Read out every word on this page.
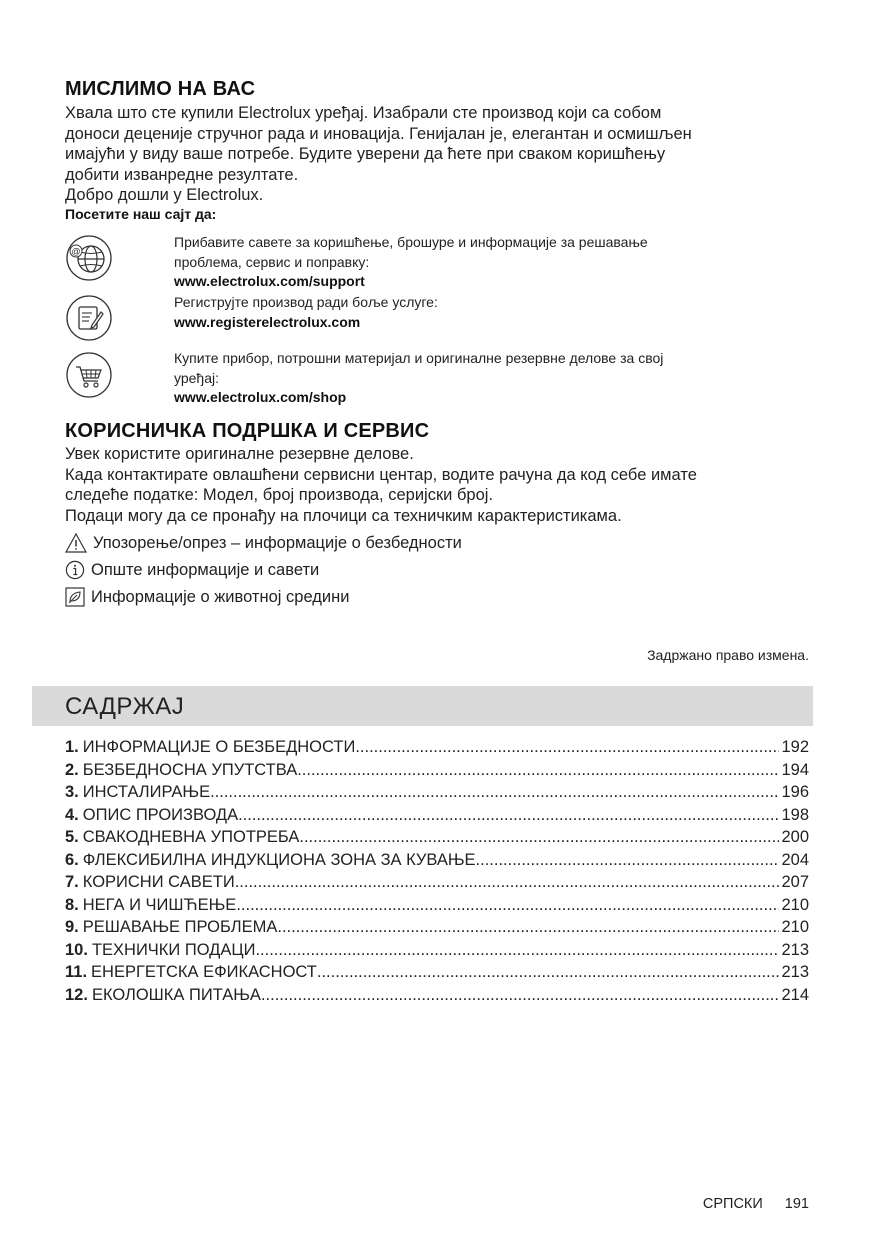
МИСЛИМО НА ВАС
Хвала што сте купили Electrolux уређај. Изабрали сте производ који са собом
доноси деценије стручног рада и иновација. Генијалан је, елегантан и осмишљен
имајући у виду ваше потребе. Будите уверени да ћете при сваком коришћењу
добити изванредне резултате.
Добро дошли у Electrolux.
Посетите наш сајт да:
@
Прибавите савете за коришћење, брошуре и информације за решавање
проблема, сервис и поправку:
www.electrolux.com/support
Региструјте производ ради боље услуге:
www.registerelectrolux.com
Купите прибор, потрошни материјал и оригиналне резервне делове за свој
уређај:
www.electrolux.com/shop
КОРИСНИЧКА ПОДРШКА И СЕРВИС
Увек користите оригиналне резервне делове.
Када контактирате овлашћени сервисни центар, водите рачуна да код себе имате
следеће податке: Модел, број производа, серијски број.
Подаци могу да се пронађу на плочици са техничким карактеристикама.
Упозорење/опрез – информације о безбедности
Опште информације и савети
Информације о животној средини
Задржано право измена.
САДРЖАЈ
1. ИНФОРМАЦИЈЕ О БЕЗБЕДНОСТИ .....	192
2. БЕЗБЕДНОСНА УПУТСТВА .....	194
3. ИНСТАЛИРАЊЕ .....	196
4. ОПИС ПРОИЗВОДА .....	198
5. СВАКОДНЕВНА УПОТРЕБА .....	200
6. ФЛЕКСИБИЛНА ИНДУКЦИОНА ЗОНА ЗА КУВАЊЕ .....	204
7. КОРИСНИ САВЕТИ .....	207
8. НЕГА И ЧИШЋЕЊЕ .....	210
9. РЕШАВАЊЕ ПРОБЛЕМА .....	210
10. ТЕХНИЧКИ ПОДАЦИ .....	213
11. ЕНЕРГЕТСКА ЕФИКАСНОСТ .....	213
12. ЕКОЛОШКА ПИТАЊА .....	214
СРПСКИ 191
